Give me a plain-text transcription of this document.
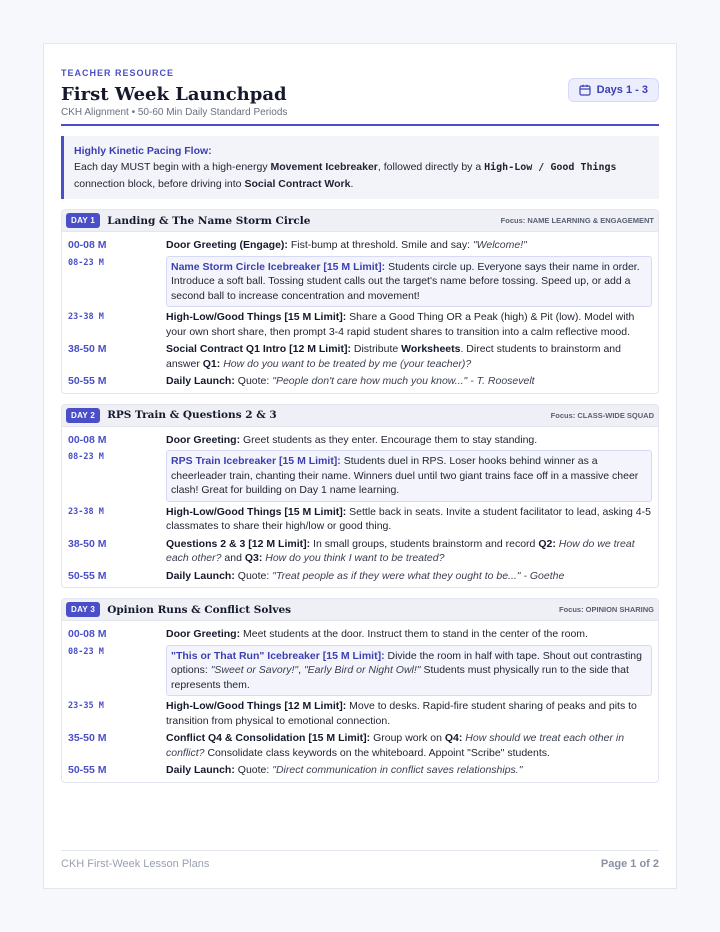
TEACHER RESOURCE
First Week Launchpad
CKH Alignment • 50-60 Min Daily Standard Periods
Days 1 - 3
Highly Kinetic Pacing Flow:
Each day MUST begin with a high-energy Movement Icebreaker, followed directly by a High-Low / Good Things connection block, before driving into Social Contract Work.
DAY 1	Landing & The Name Storm Circle	Focus: NAME LEARNING & ENGAGEMENT
00-08 M	Door Greeting (Engage): Fist-bump at threshold. Smile and say: "Welcome!"
08-23 M	Name Storm Circle Icebreaker [15 M Limit]: Students circle up. Everyone says their name in order. Introduce a soft ball. Tossing student calls out the target's name before tossing. Speed up, or add a second ball to increase concentration and movement!
23-38 M	High-Low/Good Things [15 M Limit]: Share a Good Thing OR a Peak (high) & Pit (low). Model with your own short share, then prompt 3-4 rapid student shares to transition into a calm reflective mood.
38-50 M	Social Contract Q1 Intro [12 M Limit]: Distribute Worksheets. Direct students to brainstorm and answer Q1: How do you want to be treated by me (your teacher)?
50-55 M	Daily Launch: Quote: "People don't care how much you know..." - T. Roosevelt
DAY 2	RPS Train & Questions 2 & 3	Focus: CLASS-WIDE SQUAD
00-08 M	Door Greeting: Greet students as they enter. Encourage them to stay standing.
08-23 M	RPS Train Icebreaker [15 M Limit]: Students duel in RPS. Loser hooks behind winner as a cheerleader train, chanting their name. Winners duel until two giant trains face off in a massive cheer clash! Great for building on Day 1 name learning.
23-38 M	High-Low/Good Things [15 M Limit]: Settle back in seats. Invite a student facilitator to lead, asking 4-5 classmates to share their high/low or good thing.
38-50 M	Questions 2 & 3 [12 M Limit]: In small groups, students brainstorm and record Q2: How do we treat each other? and Q3: How do you think I want to be treated?
50-55 M	Daily Launch: Quote: "Treat people as if they were what they ought to be..." - Goethe
DAY 3	Opinion Runs & Conflict Solves	Focus: OPINION SHARING
00-08 M	Door Greeting: Meet students at the door. Instruct them to stand in the center of the room.
08-23 M	"This or That Run" Icebreaker [15 M Limit]: Divide the room in half with tape. Shout out contrasting options: "Sweet or Savory!", "Early Bird or Night Owl!" Students must physically run to the side that represents them.
23-35 M	High-Low/Good Things [12 M Limit]: Move to desks. Rapid-fire student sharing of peaks and pits to transition from physical to emotional connection.
35-50 M	Conflict Q4 & Consolidation [15 M Limit]: Group work on Q4: How should we treat each other in conflict? Consolidate class keywords on the whiteboard. Appoint "Scribe" students.
50-55 M	Daily Launch: Quote: "Direct communication in conflict saves relationships."
CKH First-Week Lesson Plans	Page 1 of 2
